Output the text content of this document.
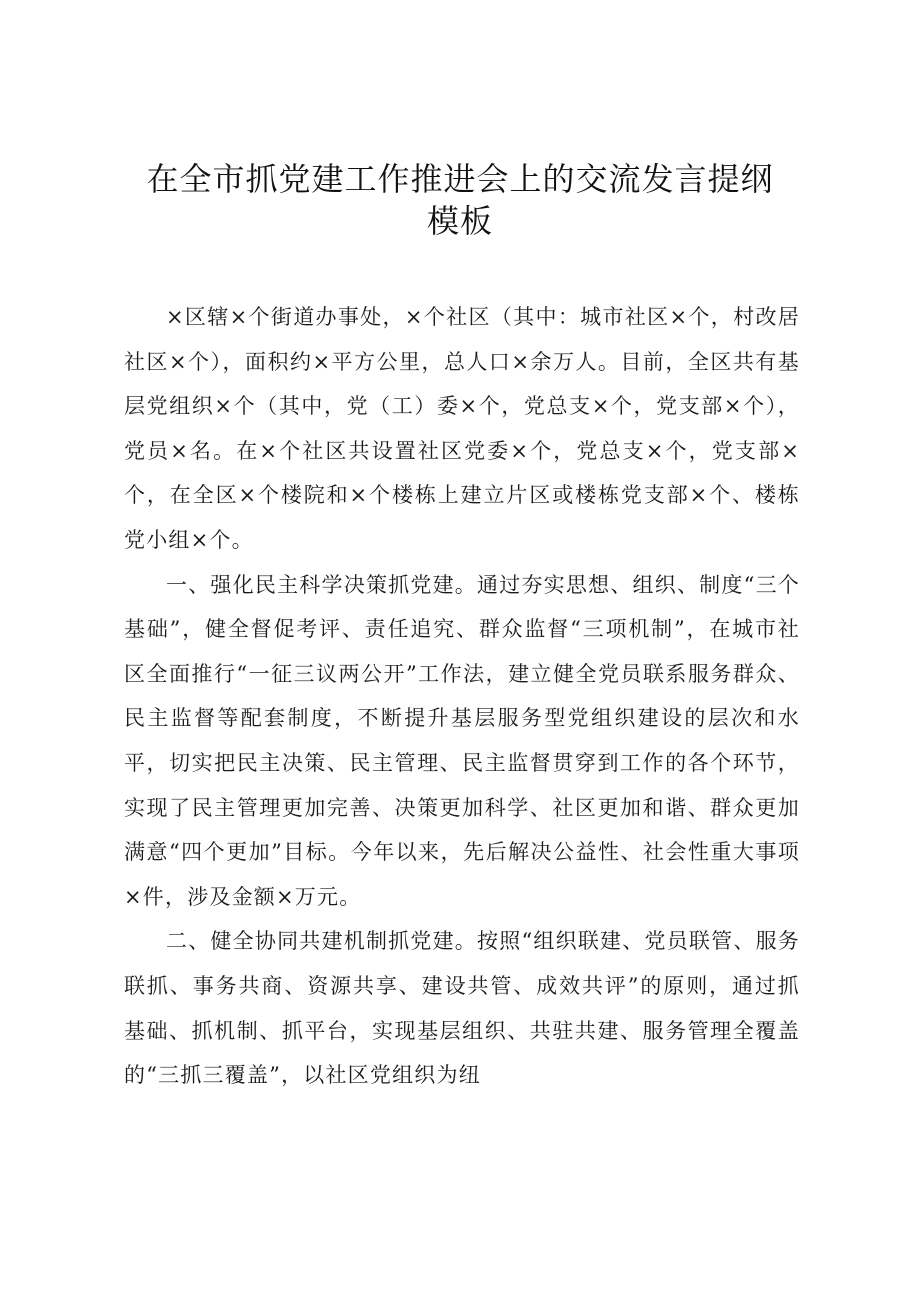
在全市抓党建工作推进会上的交流发言提纲
模板

×区辖×个街道办事处，×个社区（其中：城市社区×个，村改居社区×个），面积约×平方公里，总人口×余万人。目前，全区共有基层党组织×个（其中，党（工）委×个，党总支×个，党支部×个），党员×名。在×个社区共设置社区党委×个，党总支×个，党支部×个，在全区×个楼院和×个楼栋上建立片区或楼栋党支部×个、楼栋党小组×个。

一、强化民主科学决策抓党建。通过夯实思想、组织、制度“三个基础”，健全督促考评、责任追究、群众监督“三项机制”，在城市社区全面推行“一征三议两公开”工作法，建立健全党员联系服务群众、民主监督等配套制度，不断提升基层服务型党组织建设的层次和水平，切实把民主决策、民主管理、民主监督贯穿到工作的各个环节，实现了民主管理更加完善、决策更加科学、社区更加和谐、群众更加满意“四个更加”目标。今年以来，先后解决公益性、社会性重大事项×件，涉及金额×万元。

二、健全协同共建机制抓党建。按照“组织联建、党员联管、服务联抓、事务共商、资源共享、建设共管、成效共评”的原则，通过抓基础、抓机制、抓平台，实现基层组织、共驻共建、服务管理全覆盖的“三抓三覆盖”，以社区党组织为纽
